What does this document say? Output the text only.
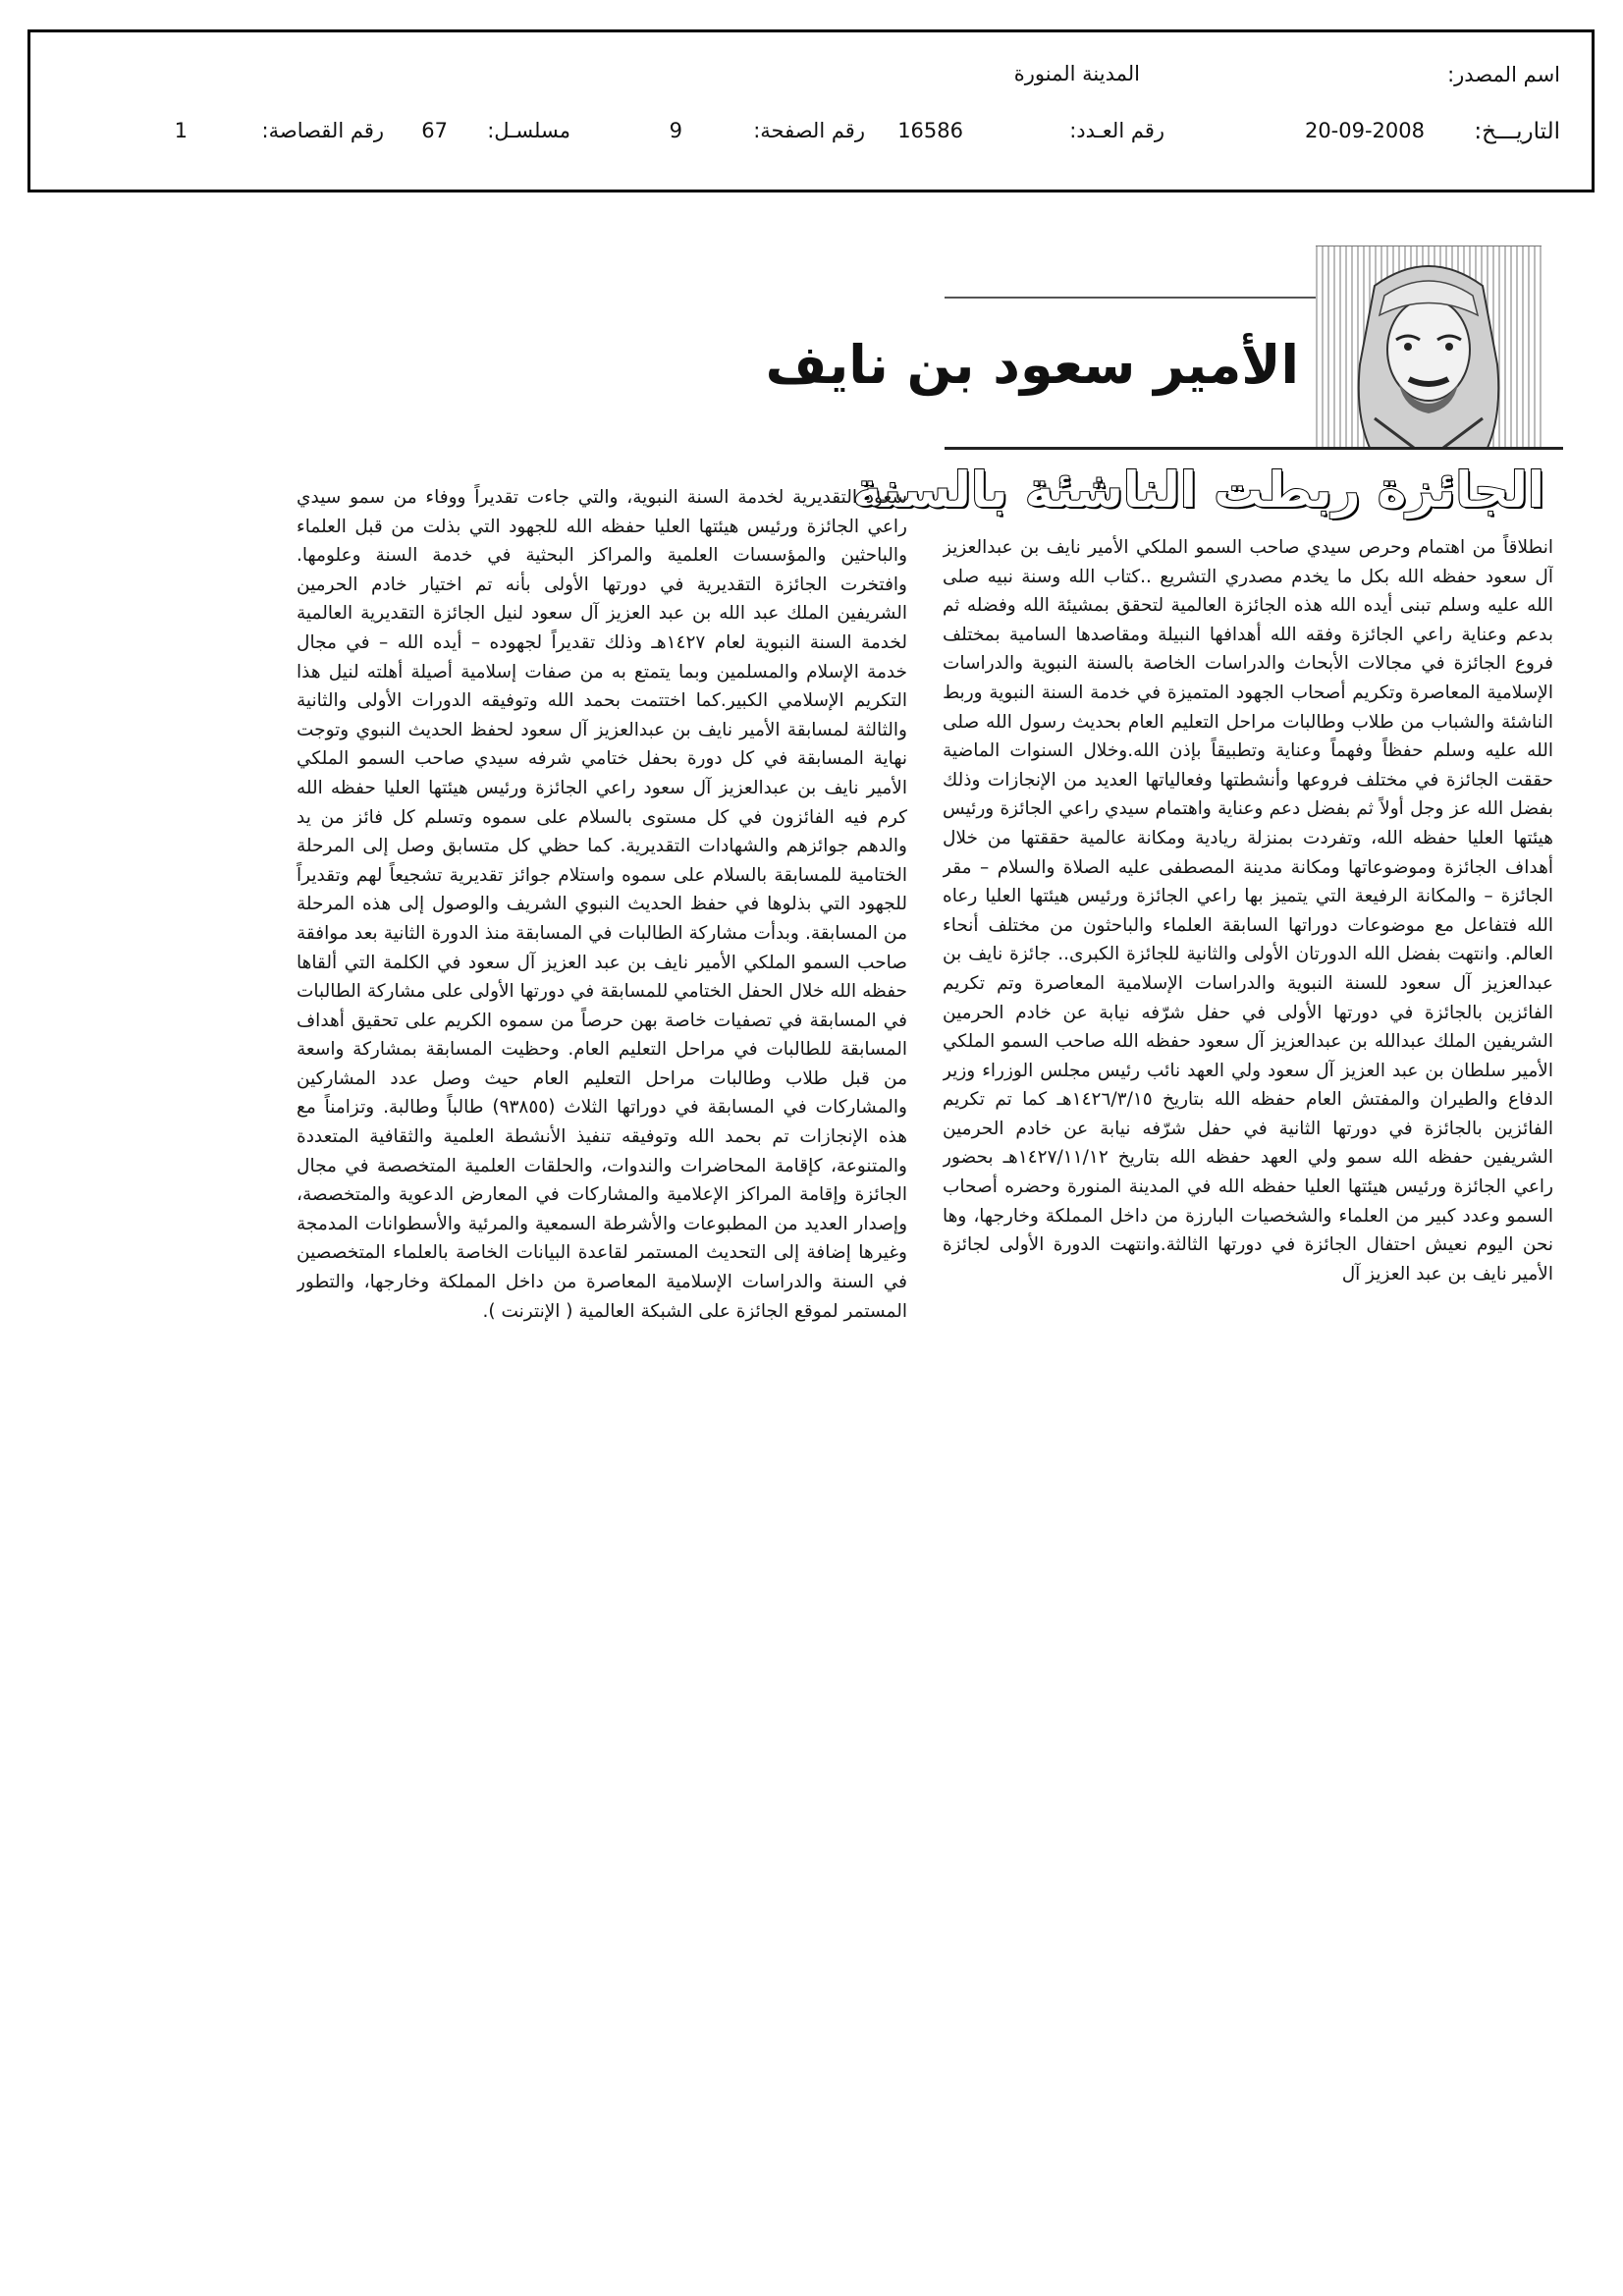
اسم المصدر:
المدينة المنورة
التاريـــخ:
20-09-2008
رقم العـدد:
16586
رقم الصفحة:
9
مسلسـل:
67
رقم القصاصة:
1
الأمير سعود بن نايف
الجائزة ربطت الناشئة بالسنة
انطلاقاً من اهتمام وحرص سيدي صاحب السمو الملكي الأمير نايف بن عبدالعزيز آل سعود حفظه الله بكل ما يخدم مصدري التشريع ..كتاب الله وسنة نبيه صلى الله عليه وسلم تبنى أيده الله هذه الجائزة العالمية لتحقق بمشيئة الله وفضله ثم بدعم وعناية راعي الجائزة وفقه الله أهدافها النبيلة ومقاصدها السامية بمختلف فروع الجائزة في مجالات الأبحاث والدراسات الخاصة بالسنة النبوية والدراسات الإسلامية المعاصرة وتكريم أصحاب الجهود المتميزة في خدمة السنة النبوية وربط الناشئة والشباب من طلاب وطالبات مراحل التعليم العام بحديث رسول الله صلى الله عليه وسلم حفظاً وفهماً وعناية وتطبيقاً بإذن الله.وخلال السنوات الماضية حققت الجائزة في مختلف فروعها وأنشطتها وفعالياتها العديد من الإنجازات وذلك بفضل الله عز وجل أولاً ثم بفضل دعم وعناية واهتمام سيدي راعي الجائزة ورئيس هيئتها العليا حفظه الله، وتفردت بمنزلة ريادية ومكانة عالمية حققتها من خلال أهداف الجائزة وموضوعاتها ومكانة مدينة المصطفى عليه الصلاة والسلام – مقر الجائزة – والمكانة الرفيعة التي يتميز بها راعي الجائزة ورئيس هيئتها العليا رعاه الله فتفاعل مع موضوعات دوراتها السابقة العلماء والباحثون من مختلف أنحاء العالم. وانتهت بفضل الله الدورتان الأولى والثانية للجائزة الكبرى.. جائزة نايف بن عبدالعزيز آل سعود للسنة النبوية والدراسات الإسلامية المعاصرة وتم تكريم الفائزين بالجائزة في دورتها الأولى في حفل شرّفه نيابة عن خادم الحرمين الشريفين الملك عبدالله بن عبدالعزيز آل سعود حفظه الله صاحب السمو الملكي الأمير سلطان بن عبد العزيز آل سعود ولي العهد نائب رئيس مجلس الوزراء وزير الدفاع والطيران والمفتش العام حفظه الله بتاريخ ١٤٢٦/٣/١٥هـ كما تم تكريم الفائزين بالجائزة في دورتها الثانية في حفل شرّفه نيابة عن خادم الحرمين الشريفين حفظه الله سمو ولي العهد حفظه الله بتاريخ ١٤٢٧/١١/١٢هـ بحضور راعي الجائزة ورئيس هيئتها العليا حفظه الله في المدينة المنورة وحضره أصحاب السمو وعدد كبير من العلماء والشخصيات البارزة من داخل المملكة وخارجها، وها نحن اليوم نعيش احتفال الجائزة في دورتها الثالثة.وانتهت الدورة الأولى لجائزة الأمير نايف بن عبد العزيز آل
سعود التقديرية لخدمة السنة النبوية، والتي جاءت تقديراً ووفاء من سمو سيدي راعي الجائزة ورئيس هيئتها العليا حفظه الله للجهود التي بذلت من قبل العلماء والباحثين والمؤسسات العلمية والمراكز البحثية في خدمة السنة وعلومها. وافتخرت الجائزة التقديرية في دورتها الأولى بأنه تم اختيار خادم الحرمين الشريفين الملك عبد الله بن عبد العزيز آل سعود لنيل الجائزة التقديرية العالمية لخدمة السنة النبوية لعام ١٤٢٧هـ وذلك تقديراً لجهوده – أيده الله – في مجال خدمة الإسلام والمسلمين وبما يتمتع به من صفات إسلامية أصيلة أهلته لنيل هذا التكريم الإسلامي الكبير.كما اختتمت بحمد الله وتوفيقه الدورات الأولى والثانية والثالثة لمسابقة الأمير نايف بن عبدالعزيز آل سعود لحفظ الحديث النبوي وتوجت نهاية المسابقة في كل دورة بحفل ختامي شرفه سيدي صاحب السمو الملكي الأمير نايف بن عبدالعزيز آل سعود راعي الجائزة ورئيس هيئتها العليا حفظه الله كرم فيه الفائزون في كل مستوى بالسلام على سموه وتسلم كل فائز من يد والدهم جوائزهم والشهادات التقديرية. كما حظي كل متسابق وصل إلى المرحلة الختامية للمسابقة بالسلام على سموه واستلام جوائز تقديرية تشجيعاً لهم وتقديراً للجهود التي بذلوها في حفظ الحديث النبوي الشريف والوصول إلى هذه المرحلة من المسابقة. وبدأت مشاركة الطالبات في المسابقة منذ الدورة الثانية بعد موافقة صاحب السمو الملكي الأمير نايف بن عبد العزيز آل سعود في الكلمة التي ألقاها حفظه الله خلال الحفل الختامي للمسابقة في دورتها الأولى على مشاركة الطالبات في المسابقة في تصفيات خاصة بهن حرصاً من سموه الكريم على تحقيق أهداف المسابقة للطالبات في مراحل التعليم العام. وحظيت المسابقة بمشاركة واسعة من قبل طلاب وطالبات مراحل التعليم العام حيث وصل عدد المشاركين والمشاركات في المسابقة في دوراتها الثلاث (٩٣٨٥٥) طالباً وطالبة. وتزامناً مع هذه الإنجازات تم بحمد الله وتوفيقه تنفيذ الأنشطة العلمية والثقافية المتعددة والمتنوعة، كإقامة المحاضرات والندوات، والحلقات العلمية المتخصصة في مجال الجائزة وإقامة المراكز الإعلامية والمشاركات في المعارض الدعوية والمتخصصة، وإصدار العديد من المطبوعات والأشرطة السمعية والمرئية والأسطوانات المدمجة وغيرها إضافة إلى التحديث المستمر لقاعدة البيانات الخاصة بالعلماء المتخصصين في السنة والدراسات الإسلامية المعاصرة من داخل المملكة وخارجها، والتطور المستمر لموقع الجائزة على الشبكة العالمية ( الإنترنت ).
